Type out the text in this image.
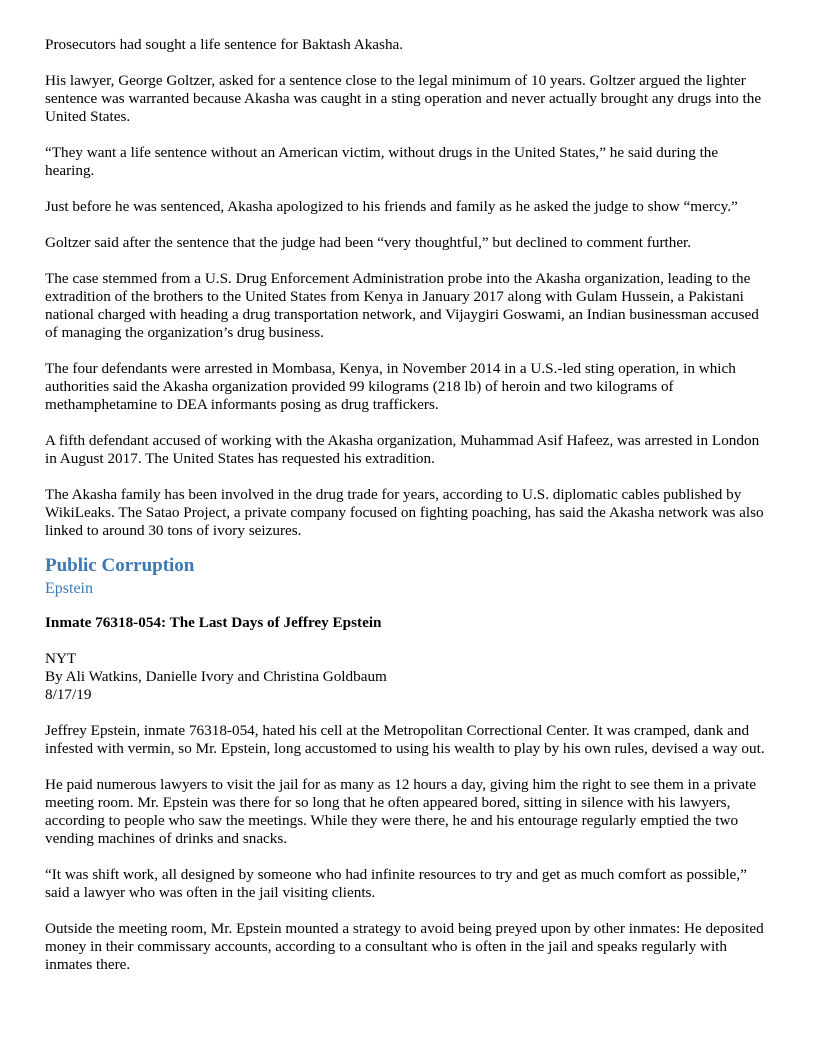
Prosecutors had sought a life sentence for Baktash Akasha.

His lawyer, George Goltzer, asked for a sentence close to the legal minimum of 10 years. Goltzer argued the lighter sentence was warranted because Akasha was caught in a sting operation and never actually brought any drugs into the United States.

“They want a life sentence without an American victim, without drugs in the United States,” he said during the hearing.

Just before he was sentenced, Akasha apologized to his friends and family as he asked the judge to show “mercy.”

Goltzer said after the sentence that the judge had been “very thoughtful,” but declined to comment further.

The case stemmed from a U.S. Drug Enforcement Administration probe into the Akasha organization, leading to the extradition of the brothers to the United States from Kenya in January 2017 along with Gulam Hussein, a Pakistani national charged with heading a drug transportation network, and Vijaygiri Goswami, an Indian businessman accused of managing the organization’s drug business.

The four defendants were arrested in Mombasa, Kenya, in November 2014 in a U.S.-led sting operation, in which authorities said the Akasha organization provided 99 kilograms (218 lb) of heroin and two kilograms of methamphetamine to DEA informants posing as drug traffickers.

A fifth defendant accused of working with the Akasha organization, Muhammad Asif Hafeez, was arrested in London in August 2017. The United States has requested his extradition.

The Akasha family has been involved in the drug trade for years, according to U.S. diplomatic cables published by WikiLeaks. The Satao Project, a private company focused on fighting poaching, has said the Akasha network was also linked to around 30 tons of ivory seizures.

Public Corruption
Epstein
Inmate 76318-054: The Last Days of Jeffrey Epstein
NYT
By Ali Watkins, Danielle Ivory and Christina Goldbaum
8/17/19

Jeffrey Epstein, inmate 76318-054, hated his cell at the Metropolitan Correctional Center. It was cramped, dank and infested with vermin, so Mr. Epstein, long accustomed to using his wealth to play by his own rules, devised a way out.

He paid numerous lawyers to visit the jail for as many as 12 hours a day, giving him the right to see them in a private meeting room. Mr. Epstein was there for so long that he often appeared bored, sitting in silence with his lawyers, according to people who saw the meetings. While they were there, he and his entourage regularly emptied the two vending machines of drinks and snacks.

“It was shift work, all designed by someone who had infinite resources to try and get as much comfort as possible,” said a lawyer who was often in the jail visiting clients.

Outside the meeting room, Mr. Epstein mounted a strategy to avoid being preyed upon by other inmates: He deposited money in their commissary accounts, according to a consultant who is often in the jail and speaks regularly with inmates there.
